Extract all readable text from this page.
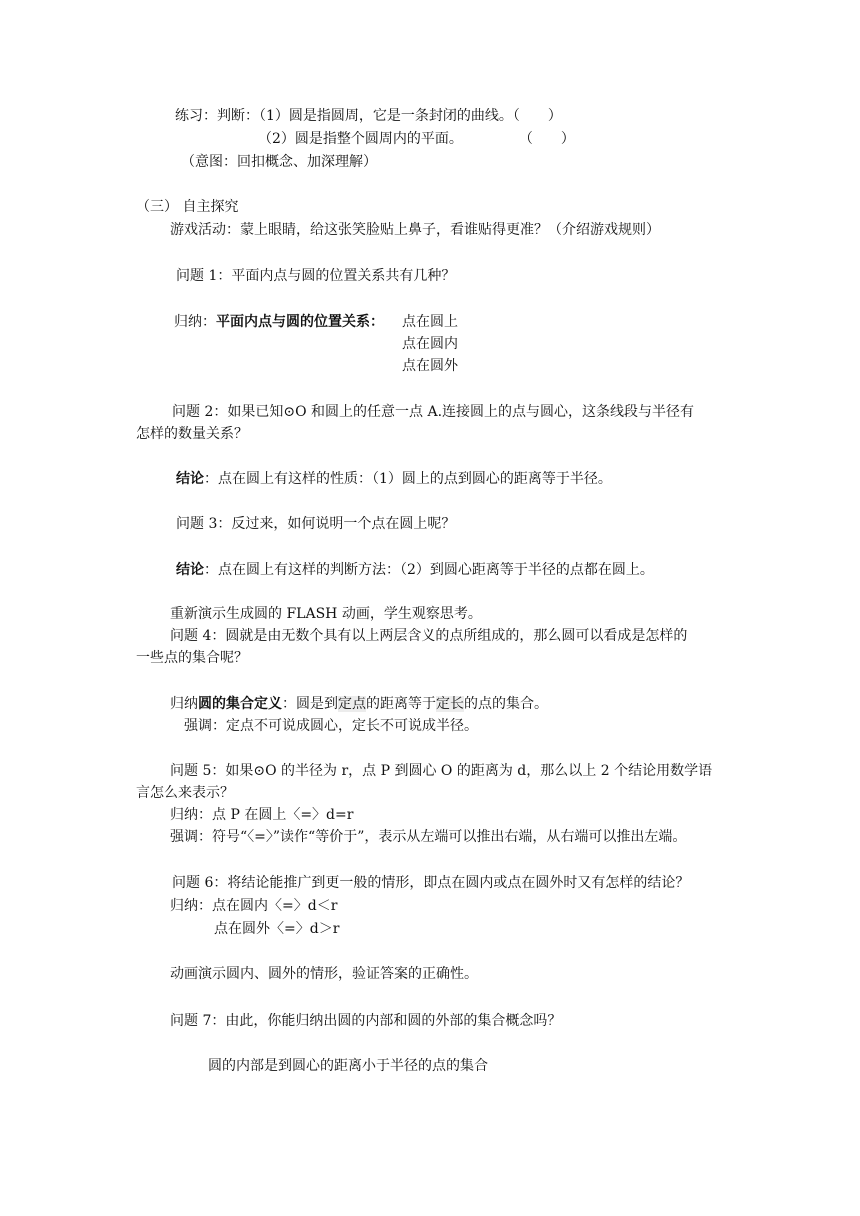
练习：判断：（1）圆是指圆周，它是一条封闭的曲线。（　　）
（2）圆是指整个圆周内的平面。　　　　　（　　）
（意图：回扣概念、加深理解）
（三） 自主探究
游戏活动：蒙上眼睛，给这张笑脸贴上鼻子，看谁贴得更准？（介绍游戏规则）
问题 1：平面内点与圆的位置关系共有几种？
归纳：平面内点与圆的位置关系： 点在圆上
点在圆内
点在圆外
问题 2：如果已知⊙O 和圆上的任意一点 A.连接圆上的点与圆心，这条线段与半径有
怎样的数量关系？
结论：点在圆上有这样的性质：（1）圆上的点到圆心的距离等于半径。
问题 3：反过来，如何说明一个点在圆上呢？
结论：点在圆上有这样的判断方法：（2）到圆心距离等于半径的点都在圆上。
重新演示生成圆的 FLASH 动画，学生观察思考。
问题 4：圆就是由无数个具有以上两层含义的点所组成的，那么圆可以看成是怎样的
一些点的集合呢？
归纳圆的集合定义：圆是到定点的距离等于定长的点的集合。
强调：定点不可说成圆心，定长不可说成半径。
问题 5：如果⊙O 的半径为 r，点 P 到圆心 O 的距离为 d，那么以上 2 个结论用数学语
言怎么来表示？
归纳：点 P 在圆上〈=〉d=r
强调：符号“〈=〉”读作“等价于”，表示从左端可以推出右端，从右端可以推出左端。
问题 6：将结论能推广到更一般的情形，即点在圆内或点在圆外时又有怎样的结论？
归纳：点在圆内〈=〉d＜r
点在圆外〈=〉d＞r
动画演示圆内、圆外的情形，验证答案的正确性。
问题 7：由此，你能归纳出圆的内部和圆的外部的集合概念吗？
圆的内部是到圆心的距离小于半径的点的集合
